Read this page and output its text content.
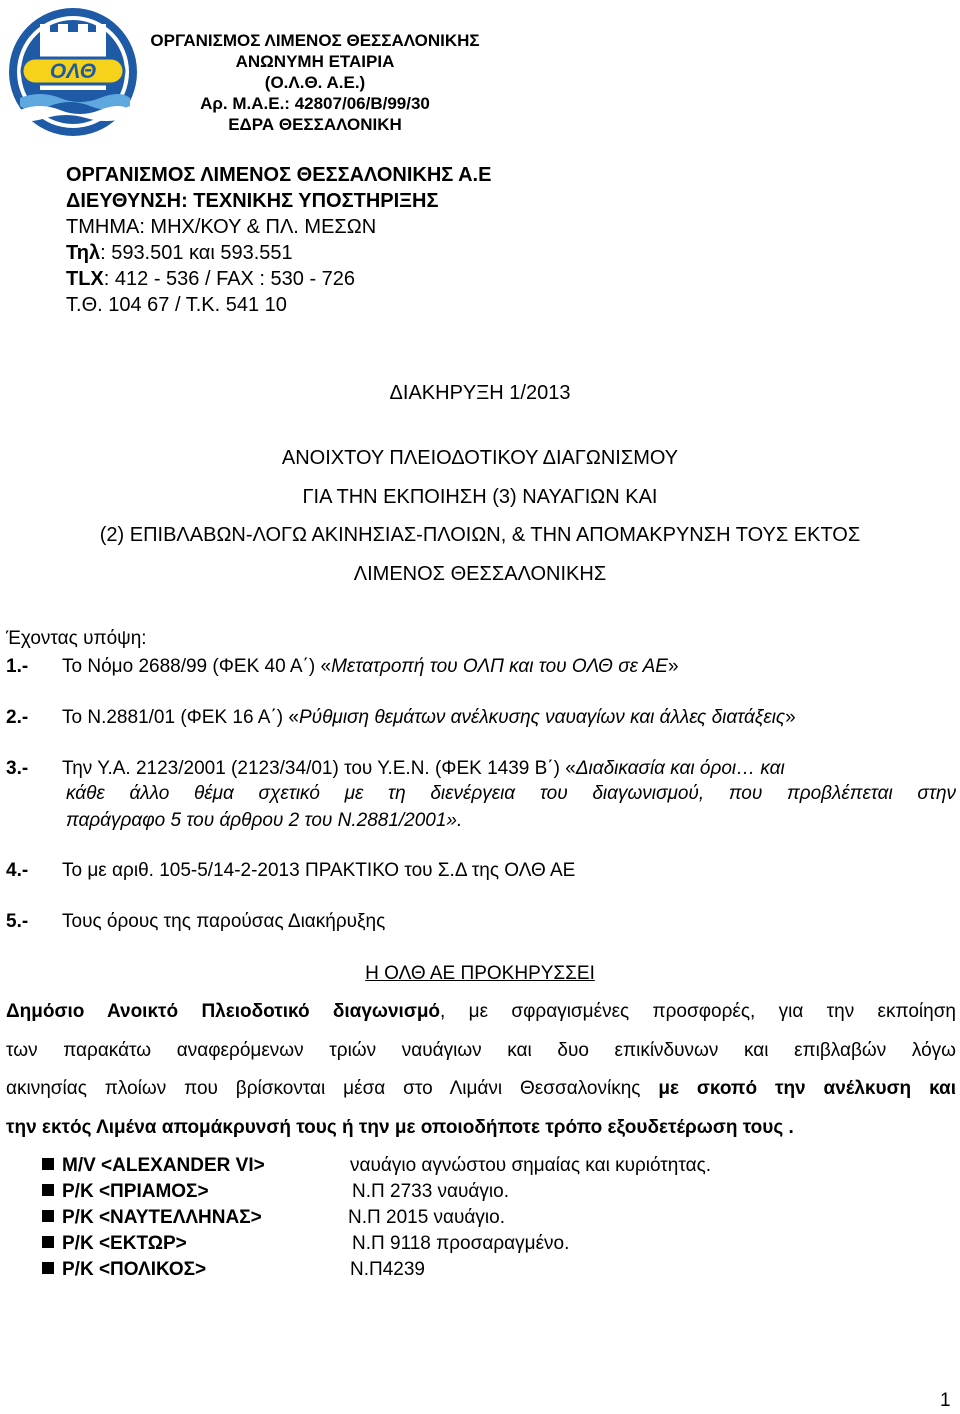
ΟΛΘ
ΟΡΓΑΝΙΣΜΟΣ ΛΙΜΕΝΟΣ ΘΕΣΣΑΛΟΝΙΚΗΣ
ΑΝΩΝΥΜΗ ΕΤΑΙΡΙΑ
(Ο.Λ.Θ. Α.Ε.)
Αρ. Μ.Α.Ε.: 42807/06/Β/99/30
ΕΔΡΑ ΘΕΣΣΑΛΟΝΙΚΗ
ΟΡΓΑΝΙΣΜΟΣ ΛΙΜΕΝΟΣ ΘΕΣΣΑΛΟΝΙΚΗΣ Α.Ε
ΔΙΕΥΘΥΝΣΗ: ΤΕΧΝΙΚΗΣ ΥΠΟΣΤΗΡΙΞΗΣ
ΤΜΗΜΑ: ΜΗΧ/ΚΟΥ & ΠΛ. ΜΕΣΩΝ
Τηλ: 593.501 και 593.551
TLX: 412 - 536 / FAX : 530 - 726
Τ.Θ. 104 67 / Τ.Κ. 541 10
ΔΙΑΚΗΡΥΞΗ 1/2013
ΑΝΟΙΧΤΟΥ ΠΛΕΙΟΔΟΤΙΚΟΥ ΔΙΑΓΩΝΙΣΜΟΥ
ΓΙΑ ΤΗΝ ΕΚΠΟΙΗΣΗ (3) ΝΑΥΑΓΙΩΝ ΚΑΙ
(2) ΕΠΙΒΛΑΒΩΝ-ΛΟΓΩ ΑΚΙΝΗΣΙΑΣ-ΠΛΟΙΩΝ, & ΤΗΝ ΑΠΟΜΑΚΡΥΝΣΗ ΤΟΥΣ ΕΚΤΟΣ
ΛΙΜΕΝΟΣ ΘΕΣΣΑΛΟΝΙΚΗΣ
Έχοντας υπόψη:
1.- Το Νόμο 2688/99 (ΦΕΚ 40 Α΄) «Μετατροπή του ΟΛΠ και του ΟΛΘ σε ΑΕ»
2.- Το Ν.2881/01 (ΦΕΚ 16 Α΄) «Ρύθμιση θεμάτων ανέλκυσης ναυαγίων και άλλες διατάξεις»
3.- Την Υ.Α. 2123/2001 (2123/34/01) του Υ.Ε.Ν. (ΦΕΚ 1439 Β΄) «Διαδικασία και όροι… και
κάθε άλλο θέμα σχετικό με τη διενέργεια του διαγωνισμού, που προβλέπεται στην
παράγραφο 5 του άρθρου 2 του Ν.2881/2001».
4.- Το με αριθ. 105-5/14-2-2013 ΠΡΑΚΤΙΚΟ του Σ.Δ της ΟΛΘ ΑΕ
5.- Τους όρους της παρούσας Διακήρυξης
Η ΟΛΘ ΑΕ ΠΡΟΚΗΡΥΣΣΕΙ
Δημόσιο Ανοικτό Πλειοδοτικό διαγωνισμό, με σφραγισμένες προσφορές, για την εκποίηση
των παρακάτω αναφερόμενων τριών ναυάγιων και δυο επικίνδυνων και επιβλαβών λόγω
ακινησίας πλοίων που βρίσκονται μέσα στο Λιμάνι Θεσσαλονίκης με σκοπό την ανέλκυση και
την εκτός Λιμένα απομάκρυνσή τους ή την με οποιοδήποτε τρόπο εξουδετέρωση τους .
M/V <ALEXANDER VI>	ναυάγιο αγνώστου σημαίας και κυριότητας.
Ρ/Κ <ΠΡΙΑΜΟΣ>	Ν.Π 2733 ναυάγιο.
Ρ/Κ <ΝΑΥΤΕΛΛΗΝΑΣ>	Ν.Π 2015 ναυάγιο.
Ρ/Κ <ΕΚΤΩΡ>	Ν.Π 9118 προσαραγμένο.
Ρ/Κ <ΠΟΛΙΚΟΣ>	Ν.Π4239
1
